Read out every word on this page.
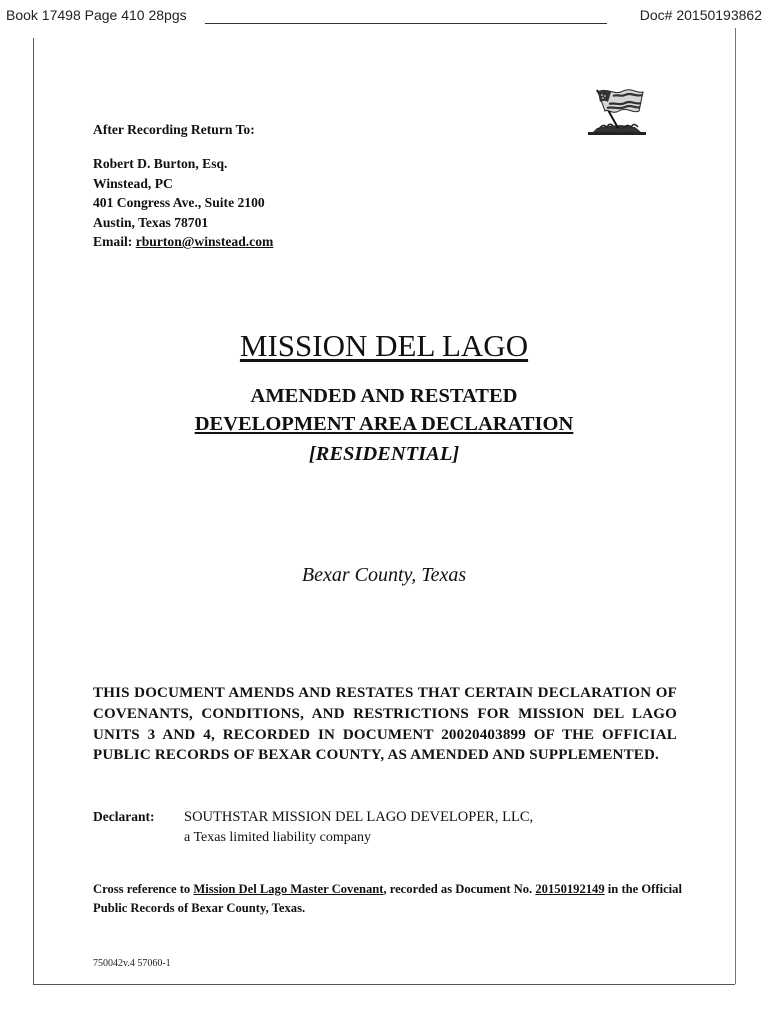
Book 17498 Page 410 28pgs	Doc# 20150193862
After Recording Return To:
Robert D. Burton, Esq.
Winstead, PC
401 Congress Ave., Suite 2100
Austin, Texas 78701
Email: rburton@winstead.com
MISSION DEL LAGO
AMENDED AND RESTATED
DEVELOPMENT AREA DECLARATION
[RESIDENTIAL]
Bexar County, Texas
THIS DOCUMENT AMENDS AND RESTATES THAT CERTAIN DECLARATION OF COVENANTS, CONDITIONS, AND RESTRICTIONS FOR MISSION DEL LAGO UNITS 3 AND 4, RECORDED IN DOCUMENT 20020403899 OF THE OFFICIAL PUBLIC RECORDS OF BEXAR COUNTY, AS AMENDED AND SUPPLEMENTED.
Declarant: SOUTHSTAR MISSION DEL LAGO DEVELOPER, LLC,
a Texas limited liability company
Cross reference to Mission Del Lago Master Covenant, recorded as Document No. 20150192149 in the Official Public Records of Bexar County, Texas.
750042v.4 57060-1
